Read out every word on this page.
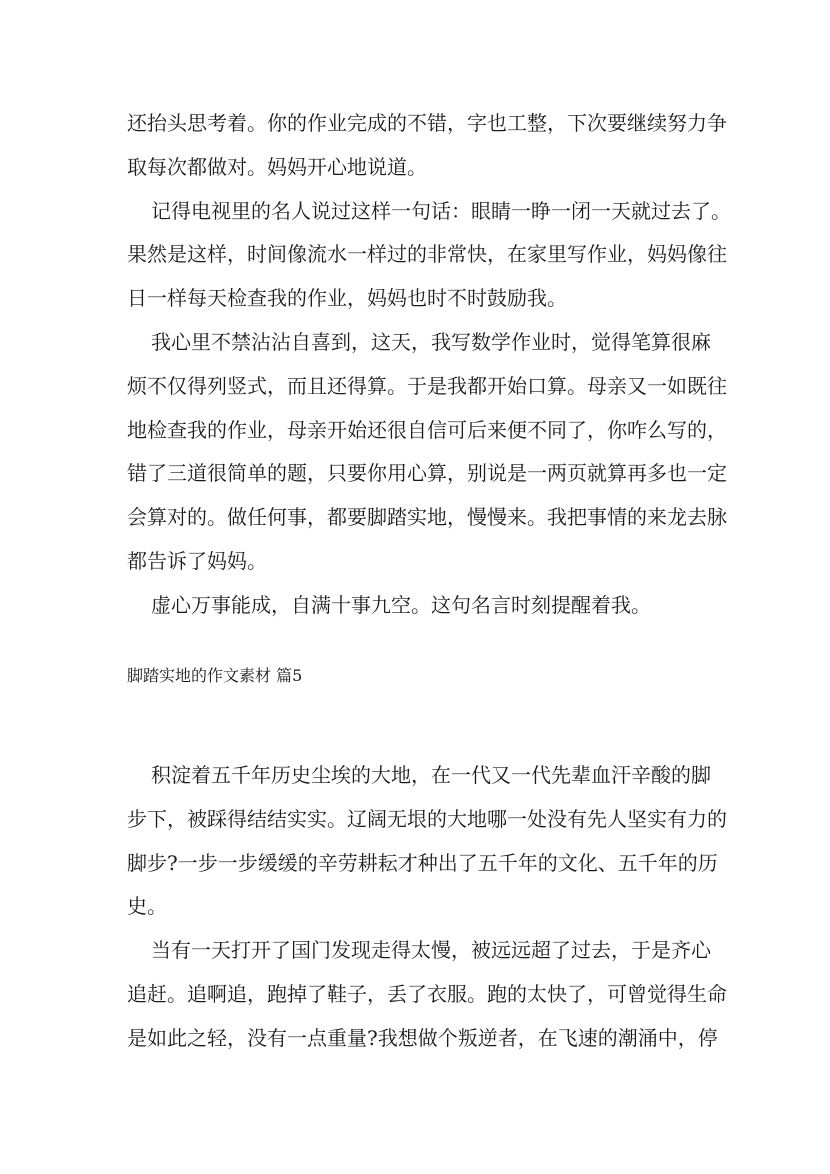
还抬头思考着。你的作业完成的不错，字也工整，下次要继续努力争
取每次都做对。妈妈开心地说道。
记得电视里的名人说过这样一句话：眼睛一睁一闭一天就过去了。
果然是这样，时间像流水一样过的非常快，在家里写作业，妈妈像往
日一样每天检查我的作业，妈妈也时不时鼓励我。
我心里不禁沾沾自喜到，这天，我写数学作业时，觉得笔算很麻
烦不仅得列竖式，而且还得算。于是我都开始口算。母亲又一如既往
地检查我的作业，母亲开始还很自信可后来便不同了，你咋么写的，
错了三道很简单的题，只要你用心算，别说是一两页就算再多也一定
会算对的。做任何事，都要脚踏实地，慢慢来。我把事情的来龙去脉
都告诉了妈妈。
虚心万事能成，自满十事九空。这句名言时刻提醒着我。
脚踏实地的作文素材 篇5
积淀着五千年历史尘埃的大地，在一代又一代先辈血汗辛酸的脚
步下，被踩得结结实实。辽阔无垠的大地哪一处没有先人坚实有力的
脚步?一步一步缓缓的辛劳耕耘才种出了五千年的文化、五千年的历
史。
当有一天打开了国门发现走得太慢，被远远超了过去，于是齐心
追赶。追啊追，跑掉了鞋子，丢了衣服。跑的太快了，可曾觉得生命
是如此之轻，没有一点重量?我想做个叛逆者，在飞速的潮涌中，停
